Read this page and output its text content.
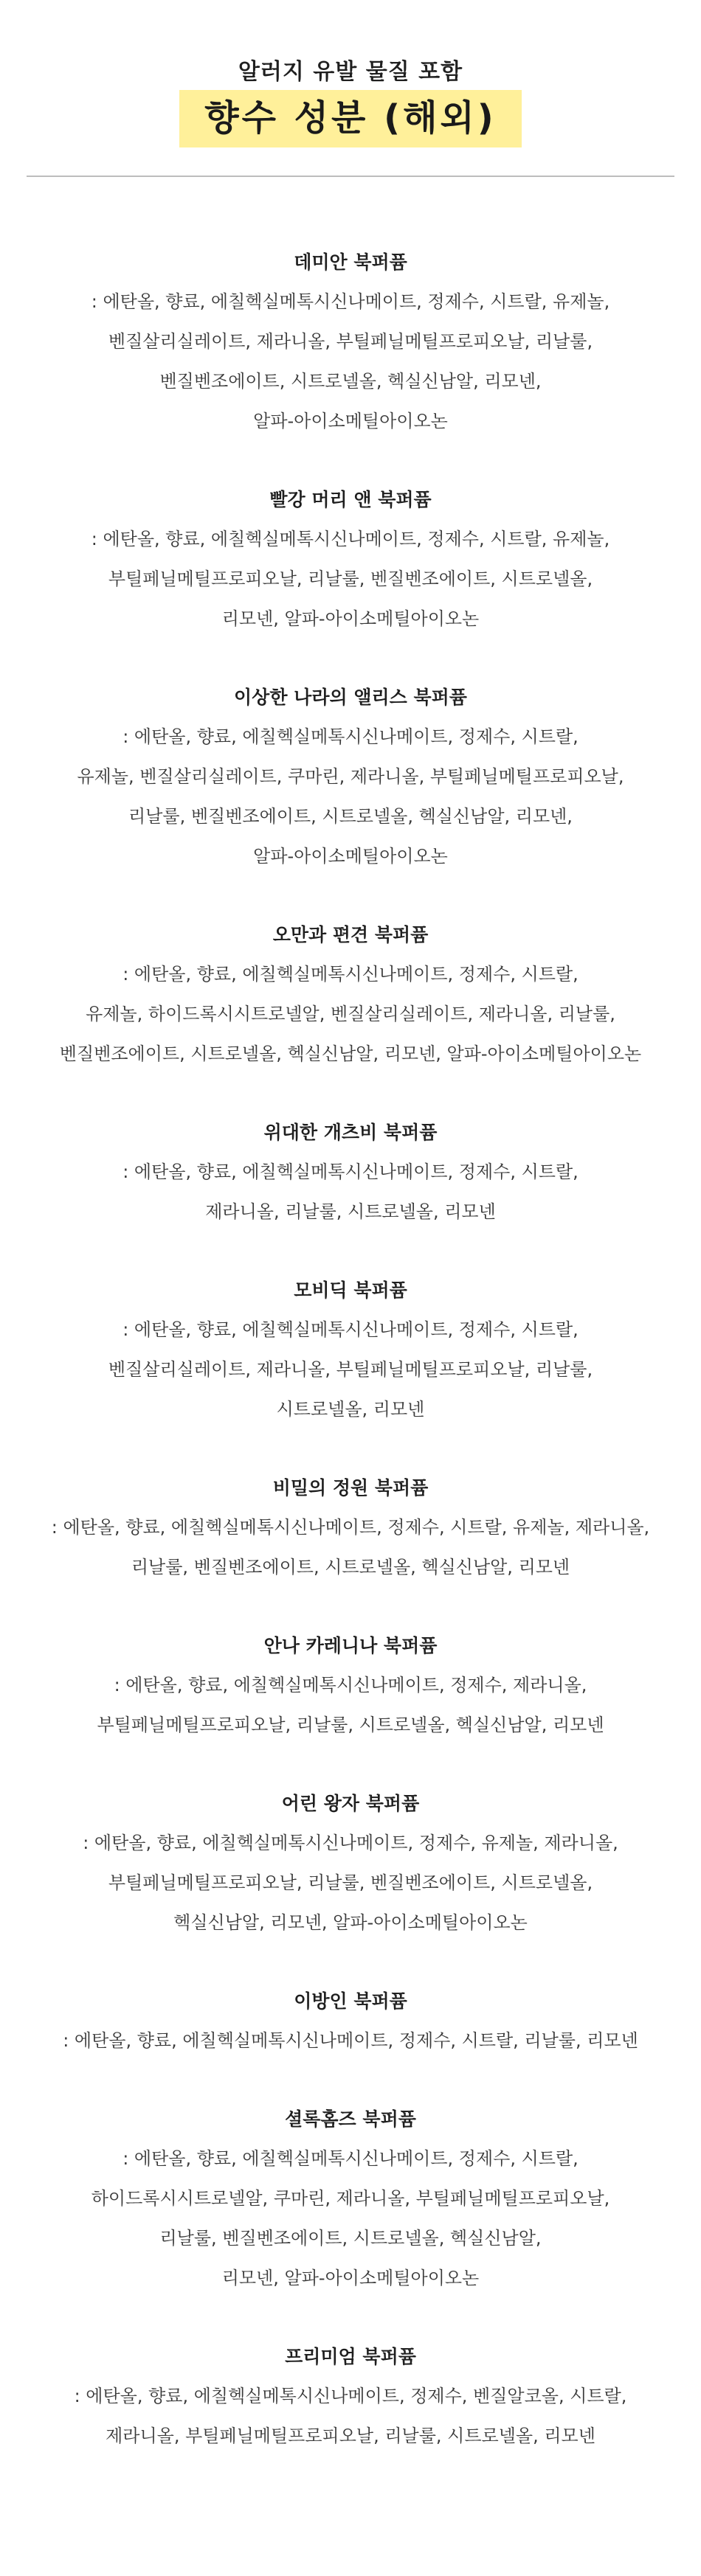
알러지 유발 물질 포함
향수 성분 (해외)
데미안 북퍼퓸
: 에탄올, 향료, 에칠헥실메톡시신나메이트, 정제수, 시트랄, 유제놀,
벤질살리실레이트, 제라니올, 부틸페닐메틸프로피오날, 리날룰,
벤질벤조에이트, 시트로넬올, 헥실신남알, 리모넨,
알파-아이소메틸아이오논
빨강 머리 앤 북퍼퓸
: 에탄올, 향료, 에칠헥실메톡시신나메이트, 정제수, 시트랄, 유제놀,
부틸페닐메틸프로피오날, 리날룰, 벤질벤조에이트, 시트로넬올,
리모넨, 알파-아이소메틸아이오논
이상한 나라의 앨리스 북퍼퓸
: 에탄올, 향료, 에칠헥실메톡시신나메이트, 정제수, 시트랄,
유제놀, 벤질살리실레이트, 쿠마린, 제라니올, 부틸페닐메틸프로피오날,
리날룰, 벤질벤조에이트, 시트로넬올, 헥실신남알, 리모넨,
알파-아이소메틸아이오논
오만과 편견 북퍼퓸
: 에탄올, 향료, 에칠헥실메톡시신나메이트, 정제수, 시트랄,
유제놀, 하이드록시시트로넬알, 벤질살리실레이트, 제라니올, 리날룰,
벤질벤조에이트, 시트로넬올, 헥실신남알, 리모넨, 알파-아이소메틸아이오논
위대한 개츠비 북퍼퓸
: 에탄올, 향료, 에칠헥실메톡시신나메이트, 정제수, 시트랄,
제라니올, 리날룰, 시트로넬올, 리모넨
모비딕 북퍼퓸
: 에탄올, 향료, 에칠헥실메톡시신나메이트, 정제수, 시트랄,
벤질살리실레이트, 제라니올, 부틸페닐메틸프로피오날, 리날룰,
시트로넬올, 리모넨
비밀의 정원 북퍼퓸
: 에탄올, 향료, 에칠헥실메톡시신나메이트, 정제수, 시트랄, 유제놀, 제라니올,
리날룰, 벤질벤조에이트, 시트로넬올, 헥실신남알, 리모넨
안나 카레니나 북퍼퓸
: 에탄올, 향료, 에칠헥실메톡시신나메이트, 정제수, 제라니올,
부틸페닐메틸프로피오날, 리날룰, 시트로넬올, 헥실신남알, 리모넨
어린 왕자 북퍼퓸
: 에탄올, 향료, 에칠헥실메톡시신나메이트, 정제수, 유제놀, 제라니올,
부틸페닐메틸프로피오날, 리날룰, 벤질벤조에이트, 시트로넬올,
헥실신남알, 리모넨, 알파-아이소메틸아이오논
이방인 북퍼퓸
: 에탄올, 향료, 에칠헥실메톡시신나메이트, 정제수, 시트랄, 리날룰, 리모넨
셜록홈즈 북퍼퓸
: 에탄올, 향료, 에칠헥실메톡시신나메이트, 정제수, 시트랄,
하이드록시시트로넬알, 쿠마린, 제라니올, 부틸페닐메틸프로피오날,
리날룰, 벤질벤조에이트, 시트로넬올, 헥실신남알,
리모넨, 알파-아이소메틸아이오논
프리미엄 북퍼퓸
: 에탄올, 향료, 에칠헥실메톡시신나메이트, 정제수, 벤질알코올, 시트랄,
제라니올, 부틸페닐메틸프로피오날, 리날룰, 시트로넬올, 리모넨
